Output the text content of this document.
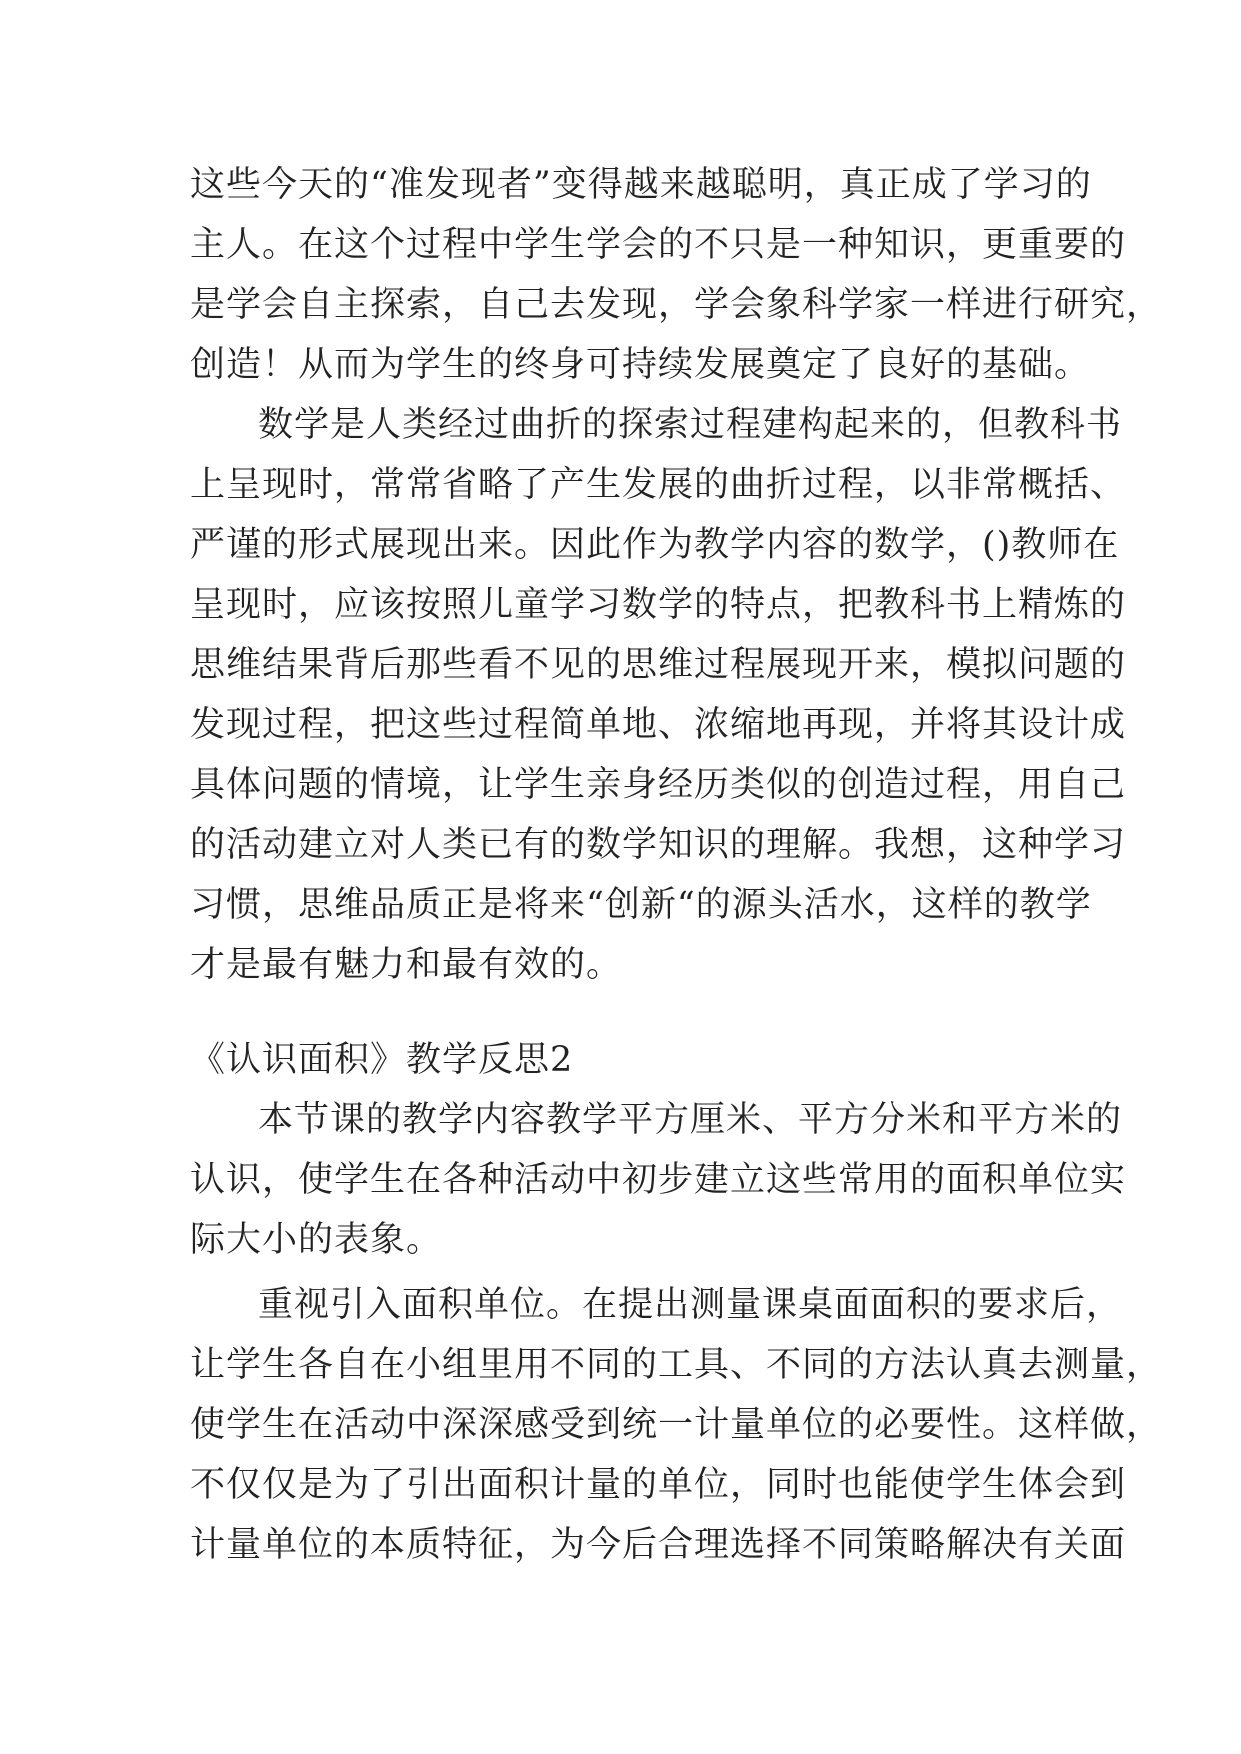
这些今天的“准发现者”变得越来越聪明，真正成了学习的
主人。在这个过程中学生学会的不只是一种知识，更重要的
是学会自主探索，自己去发现，学会象科学家一样进行研究，
创造！从而为学生的终身可持续发展奠定了良好的基础。
数学是人类经过曲折的探索过程建构起来的，但教科书
上呈现时，常常省略了产生发展的曲折过程，以非常概括、
严谨的形式展现出来。因此作为教学内容的数学，()教师在
呈现时，应该按照儿童学习数学的特点，把教科书上精炼的
思维结果背后那些看不见的思维过程展现开来，模拟问题的
发现过程，把这些过程简单地、浓缩地再现，并将其设计成
具体问题的情境，让学生亲身经历类似的创造过程，用自己
的活动建立对人类已有的数学知识的理解。我想，这种学习
习惯，思维品质正是将来“创新“的源头活水，这样的教学
才是最有魅力和最有效的。
《认识面积》教学反思2
本节课的教学内容教学平方厘米、平方分米和平方米的
认识，使学生在各种活动中初步建立这些常用的面积单位实
际大小的表象。
重视引入面积单位。在提出测量课桌面面积的要求后，
让学生各自在小组里用不同的工具、不同的方法认真去测量，
使学生在活动中深深感受到统一计量单位的必要性。这样做，
不仅仅是为了引出面积计量的单位，同时也能使学生体会到
计量单位的本质特征，为今后合理选择不同策略解决有关面
